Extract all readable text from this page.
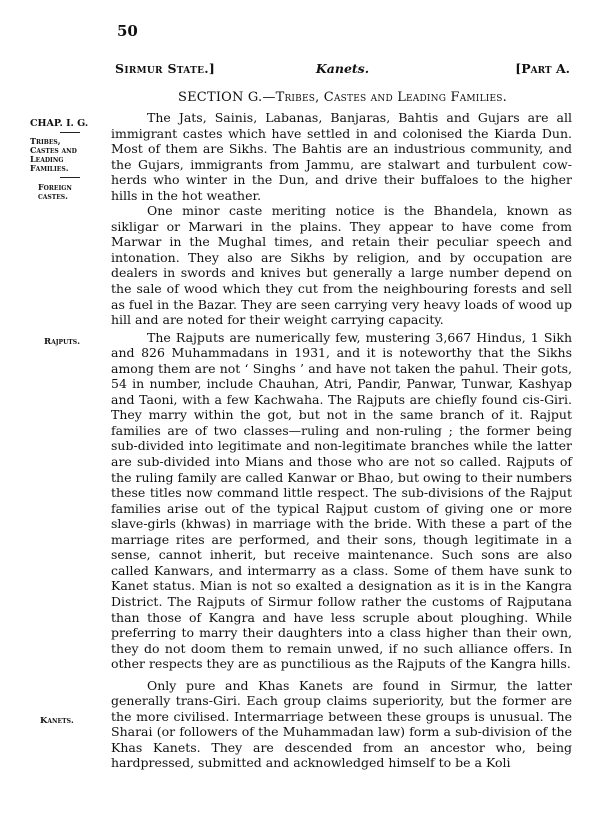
50
Sirmur State.]	Kanets.	[Part A.
SECTION G.—Tribes, Castes and Leading Families.
CHAP. I. G.
Tribes,
Castes and
Leading
Families.
Foreign
castes.
Rajputs.
Kanets.

The Jats, Sainis, Labanas, Banjaras, Bahtis and Gujars are all immigrant castes which have settled in and colonised the Kiarda Dun. Most of them are Sikhs. The Bahtis are an industrious community, and the Gujars, immigrants from Jammu, are stalwart and turbulent cow-herds who winter in the Dun, and drive their buffaloes to the higher hills in the hot weather.

One minor caste meriting notice is the Bhandela, known as sikligar or Marwari in the plains. They appear to have come from Marwar in the Mughal times, and retain their peculiar speech and intonation. They also are Sikhs by religion, and by occupation are dealers in swords and knives but generally a large number depend on the sale of wood which they cut from the neighbouring forests and sell as fuel in the Bazar. They are seen carrying very heavy loads of wood up hill and are noted for their weight carrying capacity.

The Rajputs are numerically few, mustering 3,667 Hindus, 1 Sikh and 826 Muhammadans in 1931, and it is noteworthy that the Sikhs among them are not ‘ Singhs ’ and have not taken the pahul. Their gots, 54 in number, include Chauhan, Atri, Pandir, Panwar, Tunwar, Kashyap and Taoni, with a few Kachwaha. The Rajputs are chiefly found cis-Giri. They marry within the got, but not in the same branch of it. Rajput families are of two classes—ruling and non-ruling ; the former being sub-divided into legitimate and non-legitimate branches while the latter are sub-divided into Mians and those who are not so called. Rajputs of the ruling family are called Kanwar or Bhao, but owing to their numbers these titles now command little respect. The sub-divisions of the Rajput families arise out of the typical Rajput custom of giving one or more slave-girls (khwas) in marriage with the bride. With these a part of the marriage rites are performed, and their sons, though legitimate in a sense, cannot inherit, but receive maintenance. Such sons are also called Kanwars, and intermarry as a class. Some of them have sunk to Kanet status. Mian is not so exalted a designation as it is in the Kangra District. The Rajputs of Sirmur follow rather the customs of Rajputana than those of Kangra and have less scruple about ploughing. While preferring to marry their daughters into a class higher than their own, they do not doom them to remain unwed, if no such alliance offers. In other respects they are as punctilious as the Rajputs of the Kangra hills.

Only pure and Khas Kanets are found in Sirmur, the latter generally trans-Giri. Each group claims superiority, but the former are the more civilised. Intermarriage between these groups is unusual. The Sharai (or followers of the Muhammadan law) form a sub-division of the Khas Kanets. They are descended from an ancestor who, being hardpressed, submitted and acknowledged himself to be a Koli
